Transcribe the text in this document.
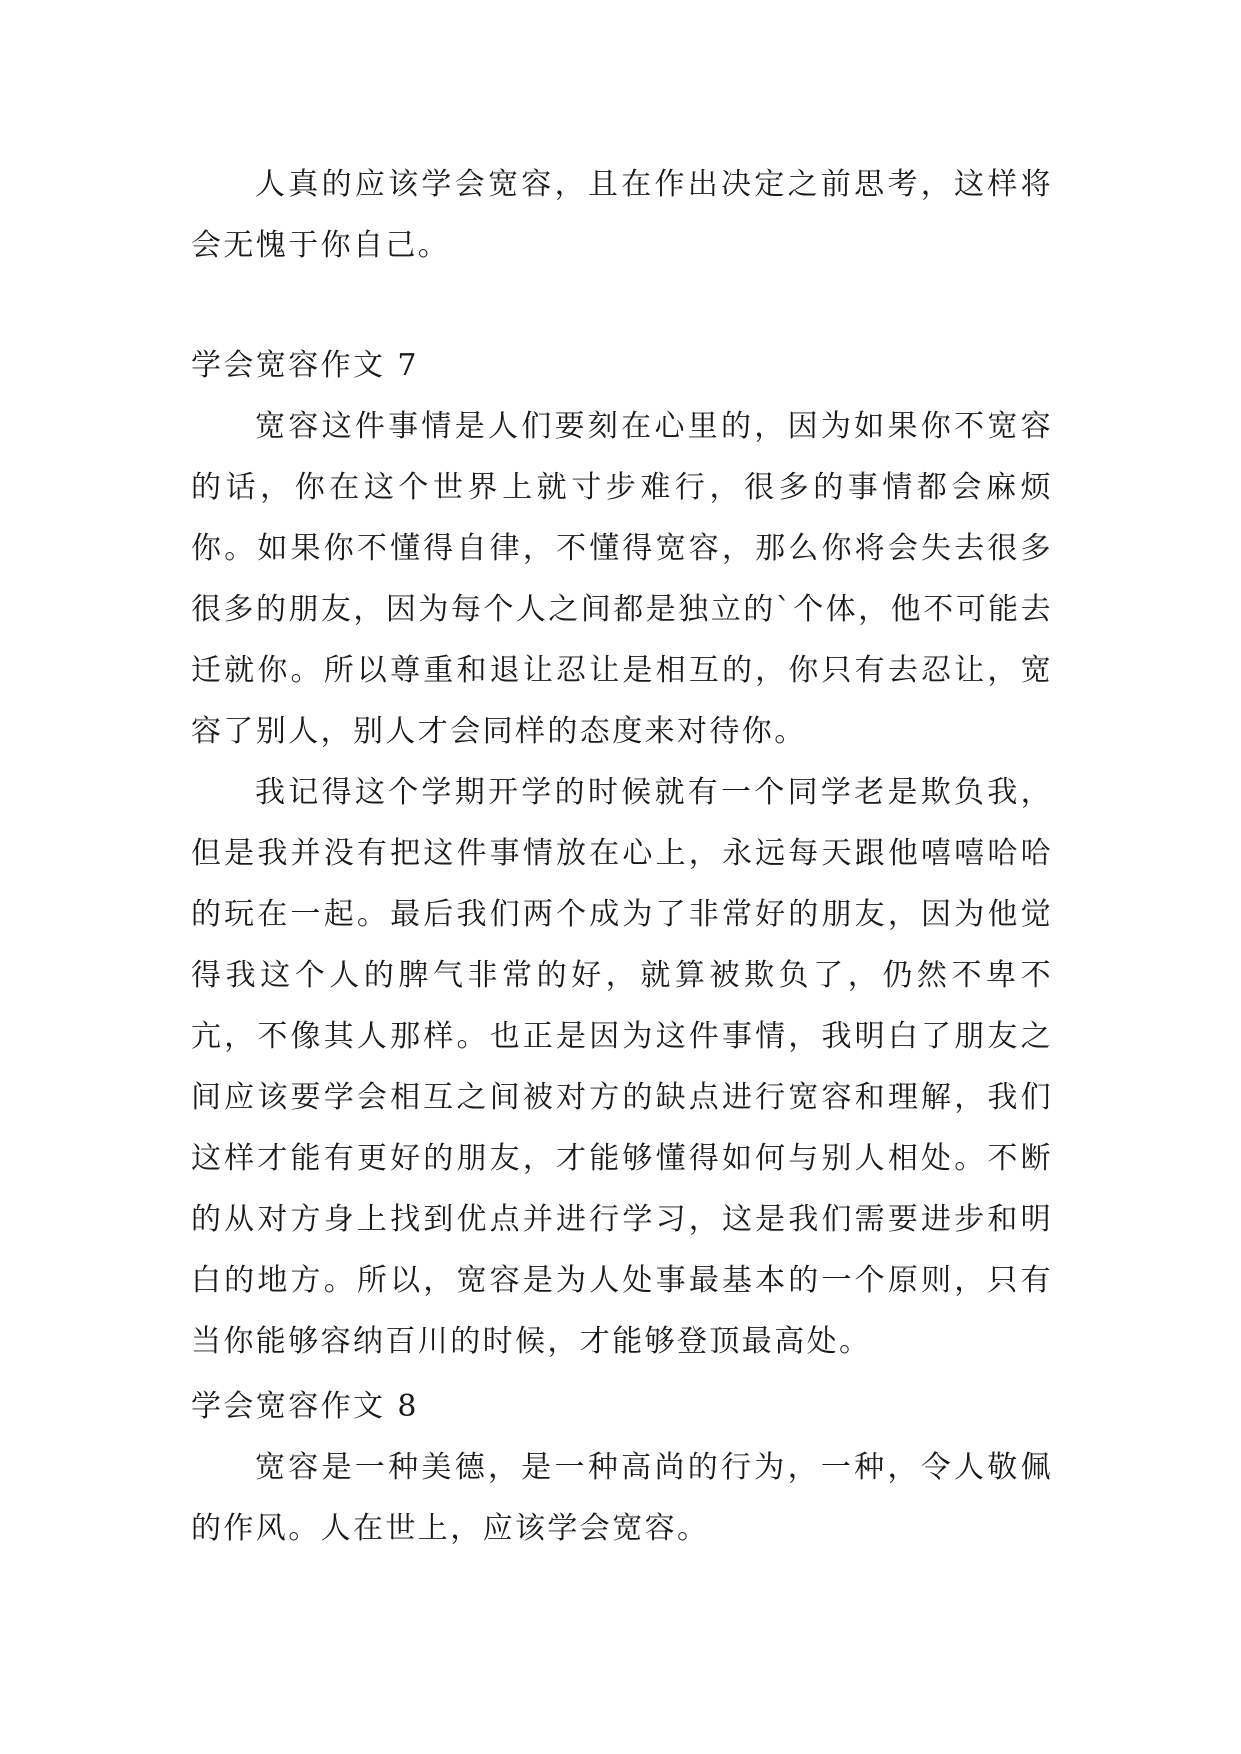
人真的应该学会宽容，且在作出决定之前思考，这样将会无愧于你自己。

学会宽容作文 7

宽容这件事情是人们要刻在心里的，因为如果你不宽容的话，你在这个世界上就寸步难行，很多的事情都会麻烦你。如果你不懂得自律，不懂得宽容，那么你将会失去很多很多的朋友，因为每个人之间都是独立的`个体，他不可能去迁就你。所以尊重和退让忍让是相互的，你只有去忍让，宽容了别人，别人才会同样的态度来对待你。

我记得这个学期开学的时候就有一个同学老是欺负我，但是我并没有把这件事情放在心上，永远每天跟他嘻嘻哈哈的玩在一起。最后我们两个成为了非常好的朋友，因为他觉得我这个人的脾气非常的好，就算被欺负了，仍然不卑不亢，不像其人那样。也正是因为这件事情，我明白了朋友之间应该要学会相互之间被对方的缺点进行宽容和理解，我们这样才能有更好的朋友，才能够懂得如何与别人相处。不断的从对方身上找到优点并进行学习，这是我们需要进步和明白的地方。所以，宽容是为人处事最基本的一个原则，只有当你能够容纳百川的时候，才能够登顶最高处。

学会宽容作文 8

宽容是一种美德，是一种高尚的行为，一种，令人敬佩的作风。人在世上，应该学会宽容。
